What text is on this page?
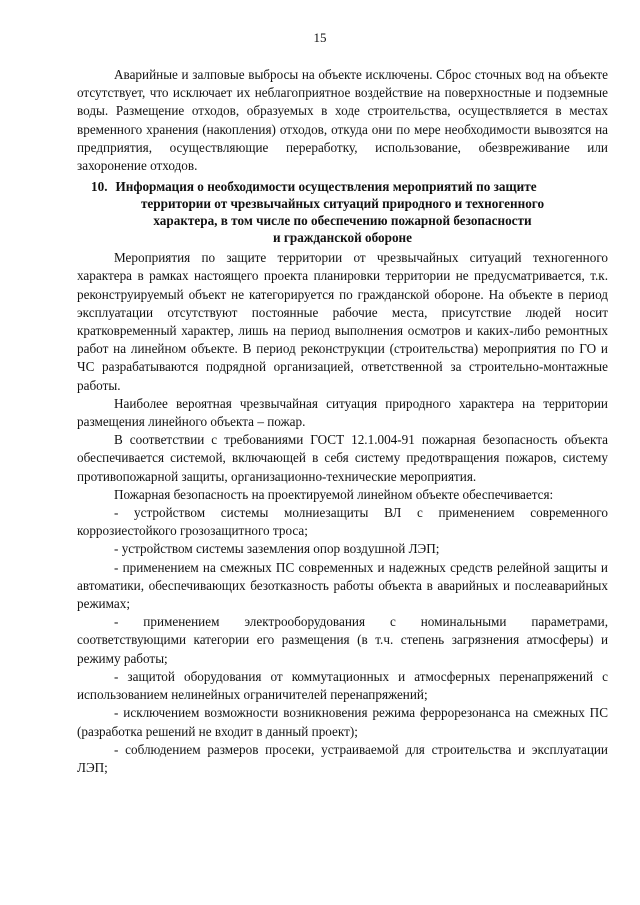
15

Аварийные и залповые выбросы на объекте исключены. Сброс сточных вод на объекте отсутствует, что исключает их неблагоприятное воздействие на поверхностные и подземные воды. Размещение отходов, образуемых в ходе строительства, осуществляется в местах временного хранения (накопления) отходов, откуда они по мере необходимости вывозятся на предприятия, осуществляющие переработку, использование, обезвреживание или захоронение отходов.

10. Информация о необходимости осуществления мероприятий по защите
территории от чрезвычайных ситуаций природного и техногенного
характера, в том числе по обеспечению пожарной безопасности
и гражданской обороне

Мероприятия по защите территории от чрезвычайных ситуаций техногенного характера в рамках настоящего проекта планировки территории не предусматривается, т.к. реконструируемый объект не категорируется по гражданской обороне. На объекте в период эксплуатации отсутствуют постоянные рабочие места, присутствие людей носит кратковременный характер, лишь на период выполнения осмотров и каких-либо ремонтных работ на линейном объекте. В период реконструкции (строительства) мероприятия по ГО и ЧС разрабатываются подрядной организацией, ответственной за строительно-монтажные работы.

Наиболее вероятная чрезвычайная ситуация природного характера на территории размещения линейного объекта – пожар.

В соответствии с требованиями ГОСТ 12.1.004-91 пожарная безопасность объекта обеспечивается системой, включающей в себя систему предотвращения пожаров, систему противопожарной защиты, организационно-технические мероприятия.

Пожарная безопасность на проектируемой линейном объекте обеспечивается:

- устройством системы молниезащиты ВЛ с применением современного коррозиестойкого грозозащитного троса;

- устройством системы заземления опор воздушной ЛЭП;

- применением на смежных ПС современных и надежных средств релейной защиты и автоматики, обеспечивающих безотказность работы объекта в аварийных и послеаварийных режимах;

- применением электрооборудования с номинальными параметрами, соответствующими категории его размещения (в т.ч. степень загрязнения атмосферы) и режиму работы;

- защитой оборудования от коммутационных и атмосферных перенапряжений с использованием нелинейных ограничителей перенапряжений;

- исключением возможности возникновения режима феррорезонанса на смежных ПС (разработка решений не входит в данный проект);

- соблюдением размеров просеки, устраиваемой для строительства и эксплуатации ЛЭП;
